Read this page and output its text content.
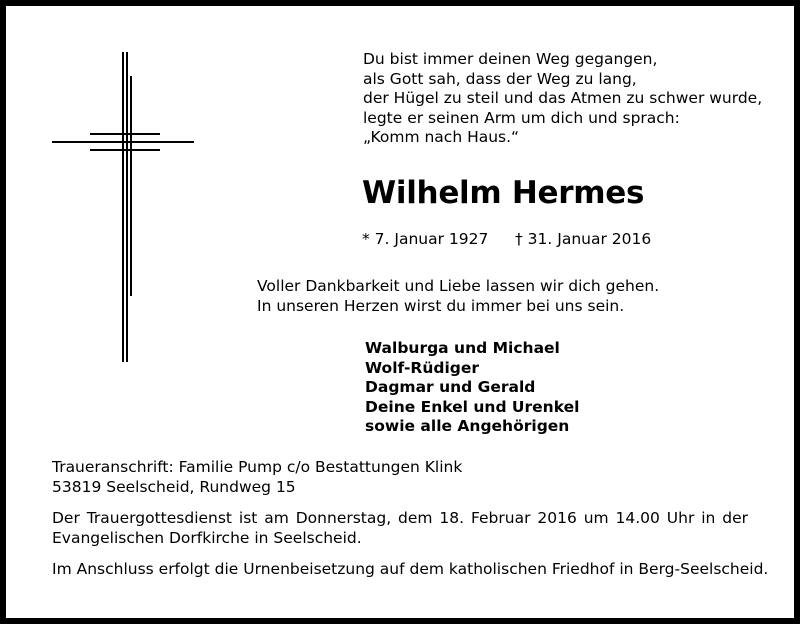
Du bist immer deinen Weg gegangen,
als Gott sah, dass der Weg zu lang,
der Hügel zu steil und das Atmen zu schwer wurde,
legte er seinen Arm um dich und sprach:
„Komm nach Haus.“
Wilhelm Hermes
* 7. Januar 1927 † 31. Januar 2016
Voller Dankbarkeit und Liebe lassen wir dich gehen.
In unseren Herzen wirst du immer bei uns sein.
Walburga und Michael
Wolf-Rüdiger
Dagmar und Gerald
Deine Enkel und Urenkel
sowie alle Angehörigen
Traueranschrift: Familie Pump c/o Bestattungen Klink
53819 Seelscheid, Rundweg 15
Der Trauergottesdienst ist am Donnerstag, dem 18. Februar 2016 um 14.00 Uhr in der Evangelischen Dorfkirche in Seelscheid.
Im Anschluss erfolgt die Urnenbeisetzung auf dem katholischen Friedhof in Berg-Seelscheid.
